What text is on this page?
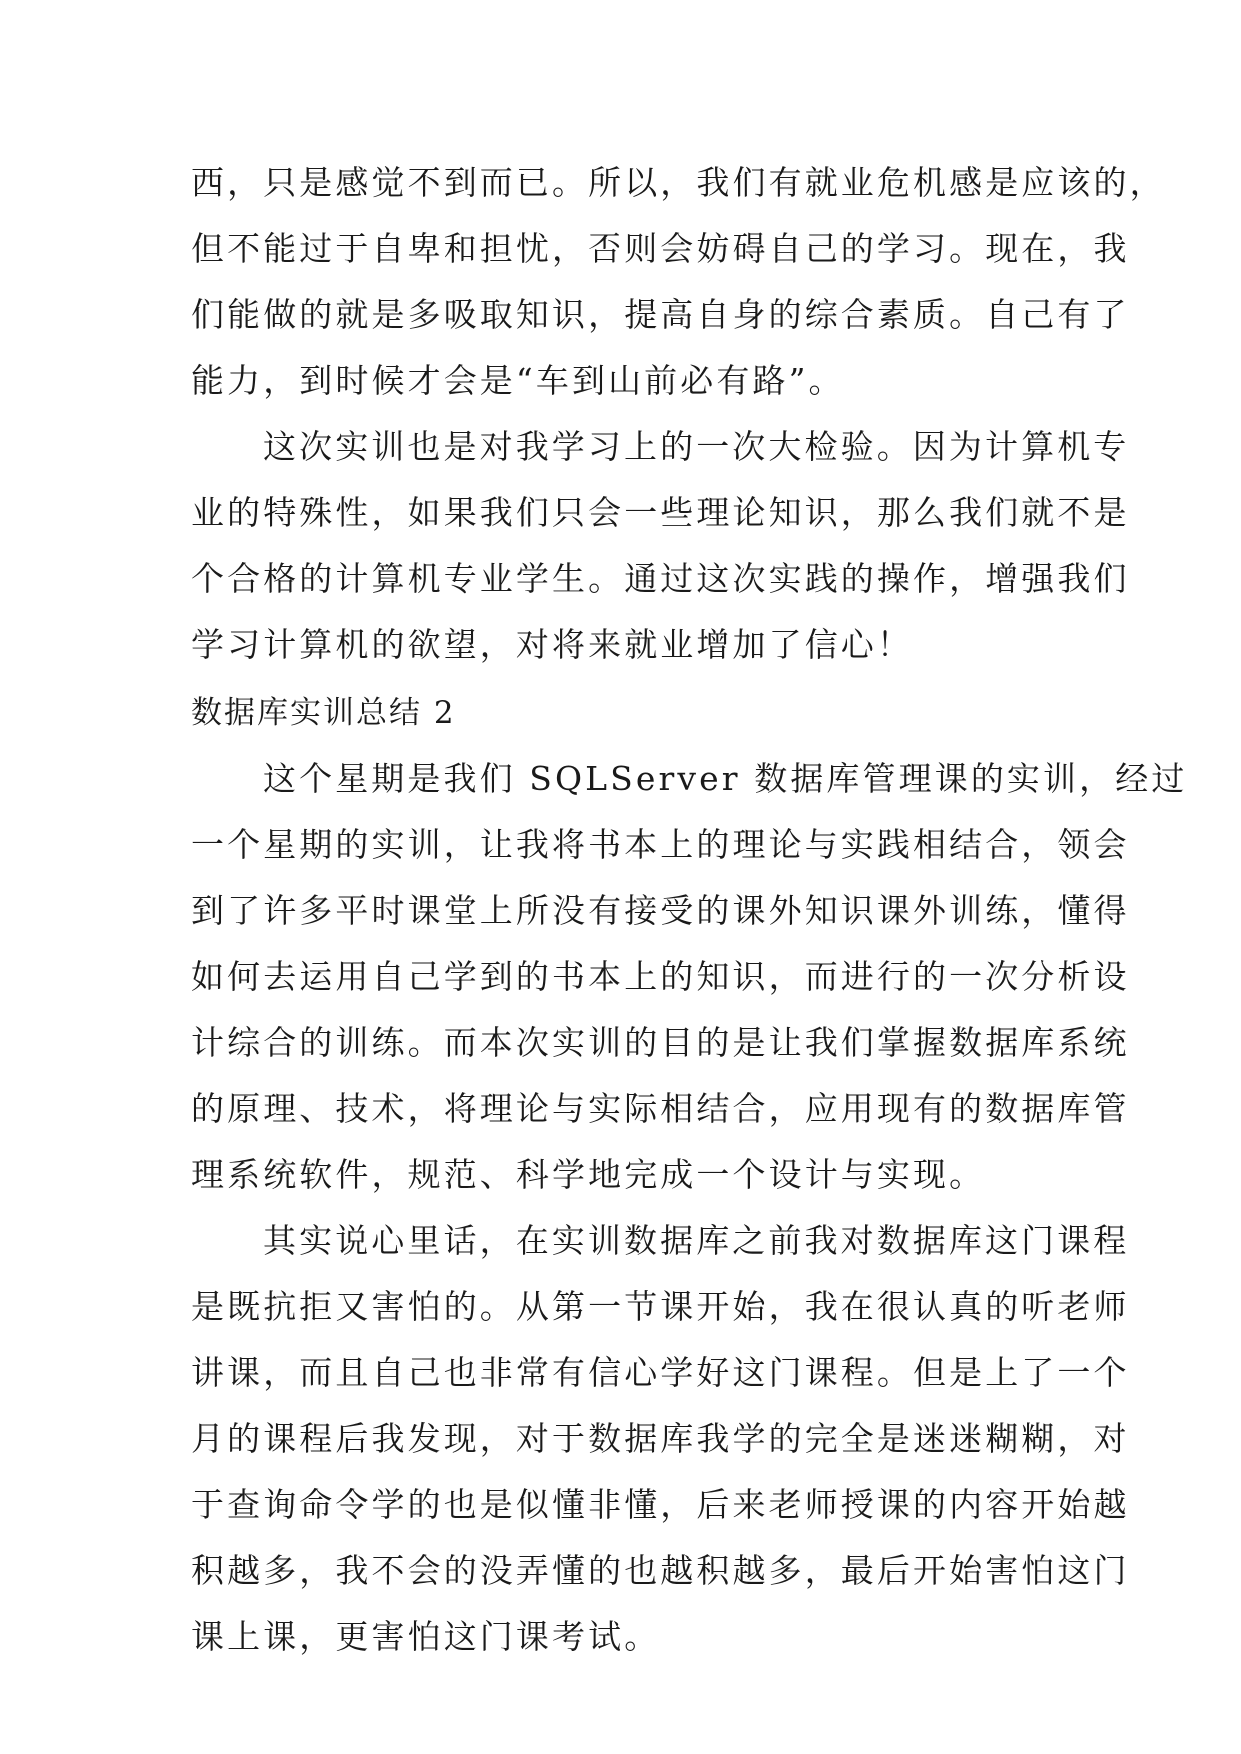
西，只是感觉不到而已。所以，我们有就业危机感是应该的，
但不能过于自卑和担忧，否则会妨碍自己的学习。现在，我
们能做的就是多吸取知识，提高自身的综合素质。自己有了
能力，到时候才会是“车到山前必有路”。
这次实训也是对我学习上的一次大检验。因为计算机专
业的特殊性，如果我们只会一些理论知识，那么我们就不是
个合格的计算机专业学生。通过这次实践的操作，增强我们
学习计算机的欲望，对将来就业增加了信心！
数据库实训总结 2
这个星期是我们 SQLServer 数据库管理课的实训，经过
一个星期的实训，让我将书本上的理论与实践相结合，领会
到了许多平时课堂上所没有接受的课外知识课外训练，懂得
如何去运用自己学到的书本上的知识，而进行的一次分析设
计综合的训练。而本次实训的目的是让我们掌握数据库系统
的原理、技术，将理论与实际相结合，应用现有的数据库管
理系统软件，规范、科学地完成一个设计与实现。
其实说心里话，在实训数据库之前我对数据库这门课程
是既抗拒又害怕的。从第一节课开始，我在很认真的听老师
讲课，而且自己也非常有信心学好这门课程。但是上了一个
月的课程后我发现，对于数据库我学的完全是迷迷糊糊，对
于查询命令学的也是似懂非懂，后来老师授课的内容开始越
积越多，我不会的没弄懂的也越积越多，最后开始害怕这门
课上课，更害怕这门课考试。
